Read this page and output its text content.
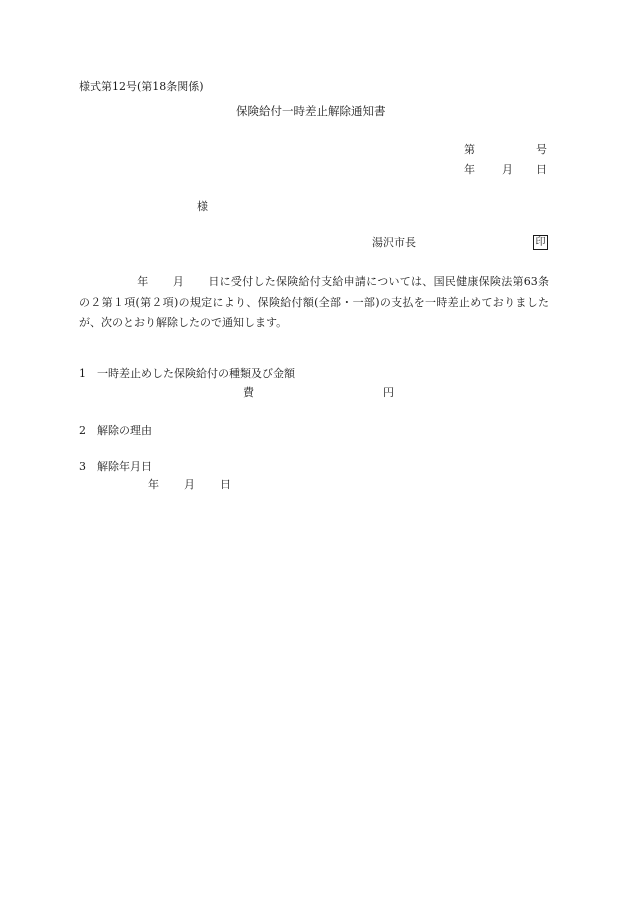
様式第12号(第18条関係)
保険給付一時差止解除通知書
第	号
年 月 日
様
湯沢市長	印
年 月 日に受付した保険給付支給申請については、国民健康保険法第63条の２第１項(第２項)の規定により、保険給付額(全部・一部)の支払を一時差止めておりましたが、次のとおり解除したので通知します。
1 一時差止めした保険給付の種類及び金額
費	円
2 解除の理由
3 解除年月日
年 月 日
